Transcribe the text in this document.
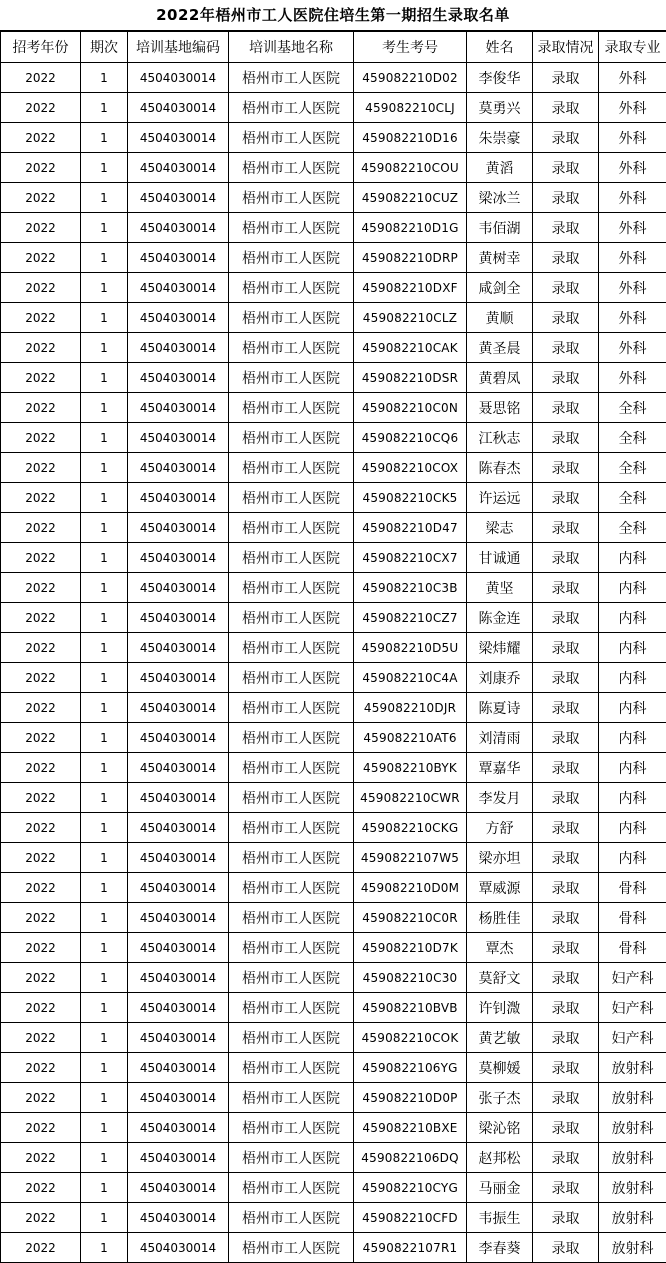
2022年梧州市工人医院住培生第一期招生录取名单
招考年份	期次	培训基地编码	培训基地名称	考生考号	姓名	录取情况	录取专业
2022	1	4504030014	梧州市工人医院	459082210D02	李俊华	录取	外科
2022	1	4504030014	梧州市工人医院	459082210CLJ	莫勇兴	录取	外科
2022	1	4504030014	梧州市工人医院	459082210D16	朱崇豪	录取	外科
2022	1	4504030014	梧州市工人医院	459082210COU	黄滔	录取	外科
2022	1	4504030014	梧州市工人医院	459082210CUZ	梁冰兰	录取	外科
2022	1	4504030014	梧州市工人医院	459082210D1G	韦佰湖	录取	外科
2022	1	4504030014	梧州市工人医院	459082210DRP	黄树幸	录取	外科
2022	1	4504030014	梧州市工人医院	459082210DXF	咸剑全	录取	外科
2022	1	4504030014	梧州市工人医院	459082210CLZ	黄顺	录取	外科
2022	1	4504030014	梧州市工人医院	459082210CAK	黄圣晨	录取	外科
2022	1	4504030014	梧州市工人医院	459082210DSR	黄碧凤	录取	外科
2022	1	4504030014	梧州市工人医院	459082210C0N	聂思铭	录取	全科
2022	1	4504030014	梧州市工人医院	459082210CQ6	江秋志	录取	全科
2022	1	4504030014	梧州市工人医院	459082210COX	陈春杰	录取	全科
2022	1	4504030014	梧州市工人医院	459082210CK5	许运远	录取	全科
2022	1	4504030014	梧州市工人医院	459082210D47	梁志	录取	全科
2022	1	4504030014	梧州市工人医院	459082210CX7	甘诚通	录取	内科
2022	1	4504030014	梧州市工人医院	459082210C3B	黄坚	录取	内科
2022	1	4504030014	梧州市工人医院	459082210CZ7	陈金连	录取	内科
2022	1	4504030014	梧州市工人医院	459082210D5U	梁炜耀	录取	内科
2022	1	4504030014	梧州市工人医院	459082210C4A	刘康乔	录取	内科
2022	1	4504030014	梧州市工人医院	459082210DJR	陈夏诗	录取	内科
2022	1	4504030014	梧州市工人医院	459082210AT6	刘清雨	录取	内科
2022	1	4504030014	梧州市工人医院	459082210BYK	覃嘉华	录取	内科
2022	1	4504030014	梧州市工人医院	459082210CWR	李发月	录取	内科
2022	1	4504030014	梧州市工人医院	459082210CKG	方舒	录取	内科
2022	1	4504030014	梧州市工人医院	4590822107W5	梁亦坦	录取	内科
2022	1	4504030014	梧州市工人医院	459082210D0M	覃威源	录取	骨科
2022	1	4504030014	梧州市工人医院	459082210C0R	杨胜佳	录取	骨科
2022	1	4504030014	梧州市工人医院	459082210D7K	覃杰	录取	骨科
2022	1	4504030014	梧州市工人医院	459082210C30	莫舒文	录取	妇产科
2022	1	4504030014	梧州市工人医院	459082210BVB	许钊溦	录取	妇产科
2022	1	4504030014	梧州市工人医院	459082210COK	黄艺敏	录取	妇产科
2022	1	4504030014	梧州市工人医院	4590822106YG	莫柳媛	录取	放射科
2022	1	4504030014	梧州市工人医院	459082210D0P	张子杰	录取	放射科
2022	1	4504030014	梧州市工人医院	459082210BXE	梁沁铭	录取	放射科
2022	1	4504030014	梧州市工人医院	4590822106DQ	赵邦松	录取	放射科
2022	1	4504030014	梧州市工人医院	459082210CYG	马丽金	录取	放射科
2022	1	4504030014	梧州市工人医院	459082210CFD	韦振生	录取	放射科
2022	1	4504030014	梧州市工人医院	4590822107R1	李春葵	录取	放射科
